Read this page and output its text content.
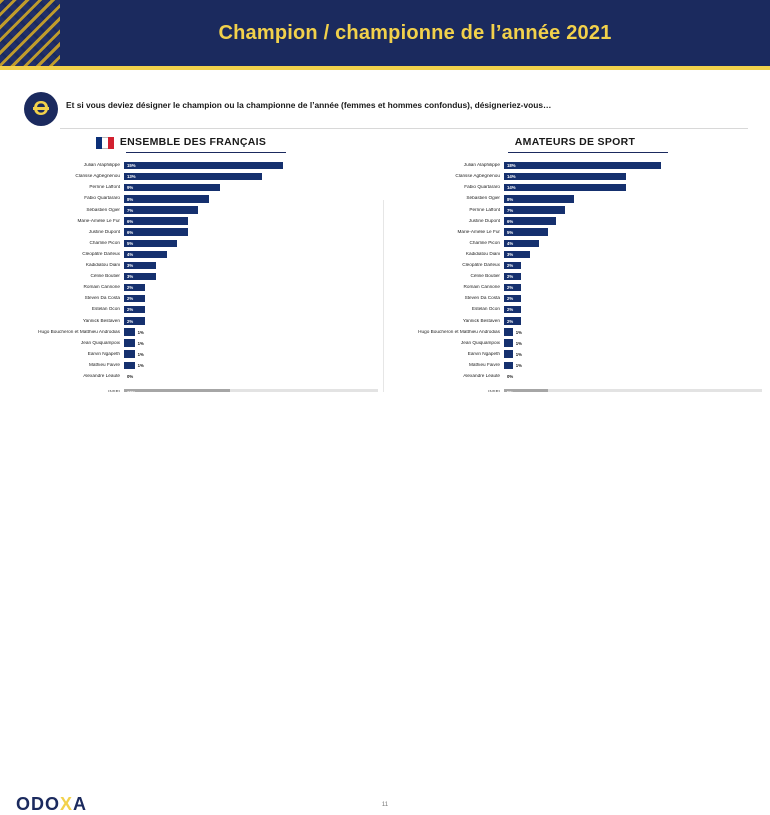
Champion / championne de l’année 2021
Et si vous deviez désigner le champion ou la championne de l’année (femmes et hommes confondus), désigneriez-vous…
ENSEMBLE DES FRANÇAIS
Julian Alaphilippe	15%
Clarisse Agbégnénou	13%
Perrine Laffont	9%
Fabio Quartararo	8%
Sébastien Ogier	7%
Marie-Amélie Le Fur	6%
Justine Dupont	6%
Charline Picon	5%
Cléopâtre Darleux	4%
Kadidiatou Diani	3%
Céline Boutier	3%
Romain Cannone	2%
Steven Da Costa	2%
Estelan Ocon	2%
Yannick Bestaven	2%
Hugo Boucheron et Matthieu Androdias	1%
Jean Quiquampoix	1%
Earvin Ngapeth	1%
Mathieu Faivre	1%
Alexandre Léauté	0%
AMATEURS DE SPORT
Julian Alaphilippe	18%
Clarisse Agbégnénou	14%
Fabio Quartararo	14%
Sébastien Ogier	8%
Perrine Laffont	7%
Justine Dupont	6%
Marie-Amélie Le Fur	5%
Charline Picon	4%
Kadidiatou Diani	3%
Cléopâtre Darleux	2%
Céline Boutier	2%
Romain Cannone	2%
Steven Da Costa	2%
Estelan Ocon	2%
Yannick Bestaven	2%
Hugo Boucheron et Matthieu Androdias	1%
Jean Quiquampoix	1%
Earvin Ngapeth	1%
Mathieu Faivre	1%
Alexandre Léauté	0%
ODOXA	11
